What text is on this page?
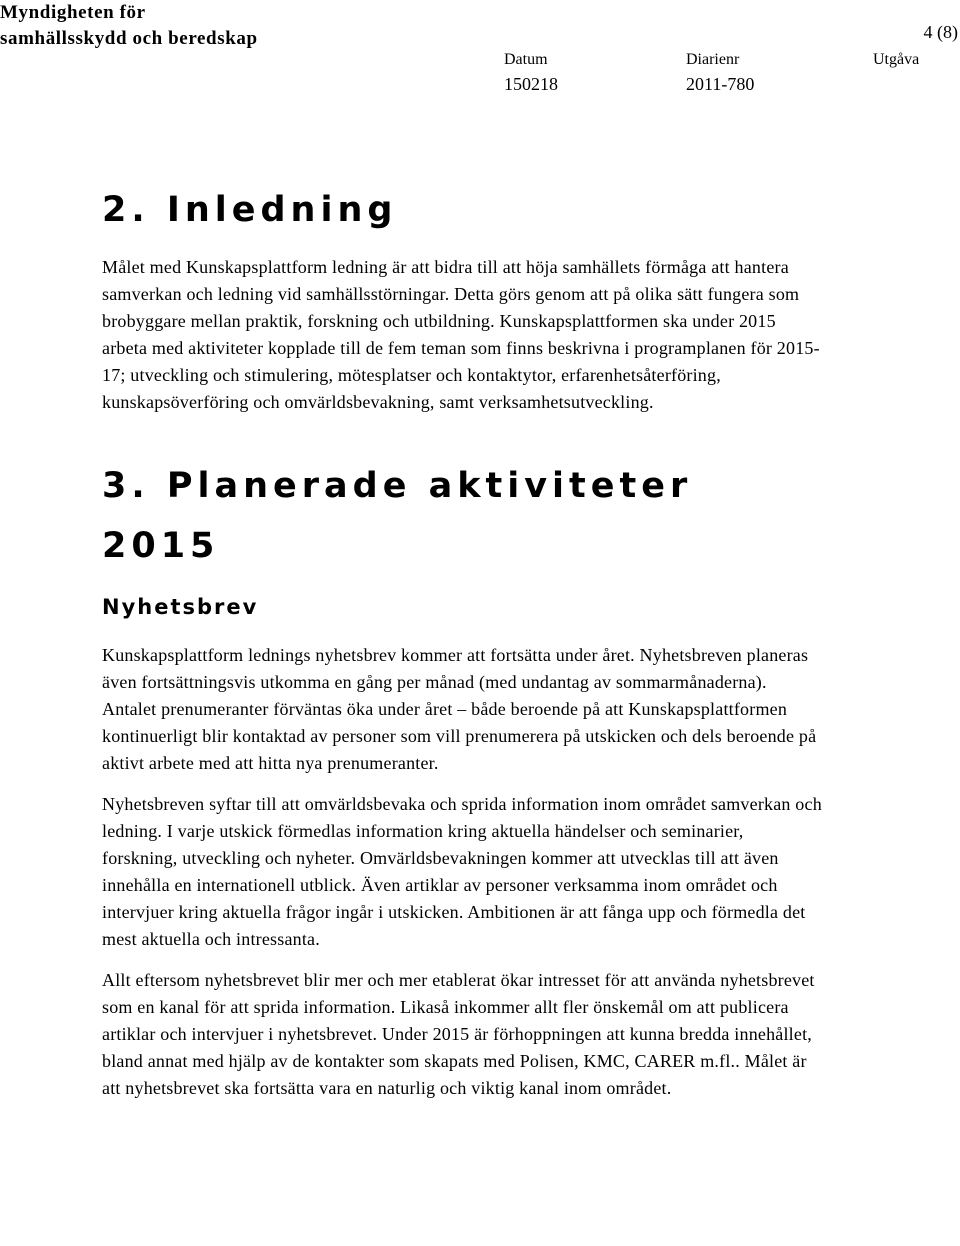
Myndigheten för
samhällsskydd och beredskap	4 (8)
Datum
150218
Diarienr
2011-780
Utgåva
2. Inledning

Målet med Kunskapsplattform ledning är att bidra till att höja samhällets förmåga att hantera samverkan och ledning vid samhällsstörningar. Detta görs genom att på olika sätt fungera som brobyggare mellan praktik, forskning och utbildning. Kunskapsplattformen ska under 2015 arbeta med aktiviteter kopplade till de fem teman som finns beskrivna i programplanen för 2015-17; utveckling och stimulering, mötesplatser och kontaktytor, erfarenhetsåterföring, kunskapsöverföring och omvärldsbevakning, samt verksamhetsutveckling.

3. Planerade aktiviteter 2015
Nyhetsbrev

Kunskapsplattform lednings nyhetsbrev kommer att fortsätta under året. Nyhetsbreven planeras även fortsättningsvis utkomma en gång per månad (med undantag av sommarmånaderna). Antalet prenumeranter förväntas öka under året – både beroende på att Kunskapsplattformen kontinuerligt blir kontaktad av personer som vill prenumerera på utskicken och dels beroende på aktivt arbete med att hitta nya prenumeranter.

Nyhetsbreven syftar till att omvärldsbevaka och sprida information inom området samverkan och ledning. I varje utskick förmedlas information kring aktuella händelser och seminarier, forskning, utveckling och nyheter. Omvärldsbevakningen kommer att utvecklas till att även innehålla en internationell utblick. Även artiklar av personer verksamma inom området och intervjuer kring aktuella frågor ingår i utskicken. Ambitionen är att fånga upp och förmedla det mest aktuella och intressanta.

Allt eftersom nyhetsbrevet blir mer och mer etablerat ökar intresset för att använda nyhetsbrevet som en kanal för att sprida information. Likaså inkommer allt fler önskemål om att publicera artiklar och intervjuer i nyhetsbrevet. Under 2015 är förhoppningen att kunna bredda innehållet, bland annat med hjälp av de kontakter som skapats med Polisen, KMC, CARER m.fl.. Målet är att nyhetsbrevet ska fortsätta vara en naturlig och viktig kanal inom området.
